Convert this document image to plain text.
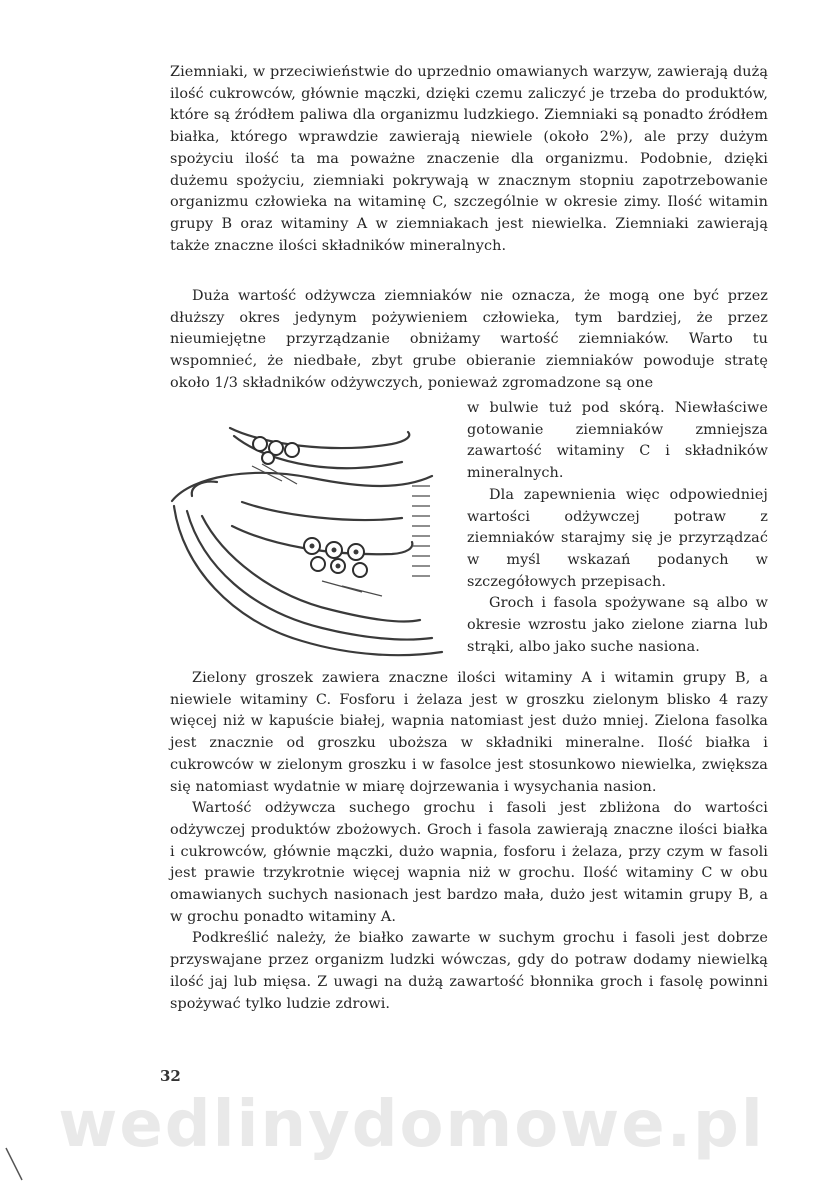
Ziemniaki, w przeciwieństwie do uprzednio omawianych warzyw, zawierają dużą ilość cukrowców, głównie mączki, dzięki czemu zaliczyć je trzeba do produktów, które są źródłem paliwa dla organizmu ludzkiego. Ziemniaki są ponadto źródłem białka, którego wprawdzie zawierają niewiele (około 2%), ale przy dużym spożyciu ilość ta ma poważne znaczenie dla organizmu. Podobnie, dzięki dużemu spożyciu, ziemniaki pokrywają w znacznym stopniu zapotrzebowanie organizmu człowieka na witaminę C, szczególnie w okresie zimy. Ilość witamin grupy B oraz witaminy A w ziemniakach jest niewielka. Ziemniaki zawierają także znaczne ilości składników mineralnych.

Duża wartość odżywcza ziemniaków nie oznacza, że mogą one być przez dłuższy okres jedynym pożywieniem człowieka, tym bardziej, że przez nieumiejętne przyrządzanie obniżamy wartość ziemniaków. Warto tu wspomnieć, że niedbałe, zbyt grube obieranie ziemniaków powoduje stratę około 1/3 składników odżywczych, ponieważ zgromadzone są one

w bulwie tuż pod skórą. Niewłaściwe gotowanie ziemniaków zmniejsza zawartość witaminy C i składników mineralnych.

Dla zapewnienia więc odpowiedniej wartości odżywczej potraw z ziemniaków starajmy się je przyrządzać w myśl wskazań podanych w szczegółowych przepisach.

Groch i fasola spożywane są albo w okresie wzrostu jako zielone ziarna lub strąki, albo jako suche nasiona.

Zielony groszek zawiera znaczne ilości witaminy A i witamin grupy B, a niewiele witaminy C. Fosforu i żelaza jest w groszku zielonym blisko 4 razy więcej niż w kapuście białej, wapnia natomiast jest dużo mniej. Zielona fasolka jest znacznie od groszku uboższa w składniki mineralne. Ilość białka i cukrowców w zielonym groszku i w fasolce jest stosunkowo niewielka, zwiększa się natomiast wydatnie w miarę dojrzewania i wysychania nasion.

Wartość odżywcza suchego grochu i fasoli jest zbliżona do wartości odżywczej produktów zbożowych. Groch i fasola zawierają znaczne ilości białka i cukrowców, głównie mączki, dużo wapnia, fosforu i żelaza, przy czym w fasoli jest prawie trzykrotnie więcej wapnia niż w grochu. Ilość witaminy C w obu omawianych suchych nasionach jest bardzo mała, dużo jest witamin grupy B, a w grochu ponadto witaminy A.

Podkreślić należy, że białko zawarte w suchym grochu i fasoli jest dobrze przyswajane przez organizm ludzki wówczas, gdy do potraw dodamy niewielką ilość jaj lub mięsa. Z uwagi na dużą zawartość błonnika groch i fasolę powinni spożywać tylko ludzie zdrowi.

32
wedlinydomowe.pl
